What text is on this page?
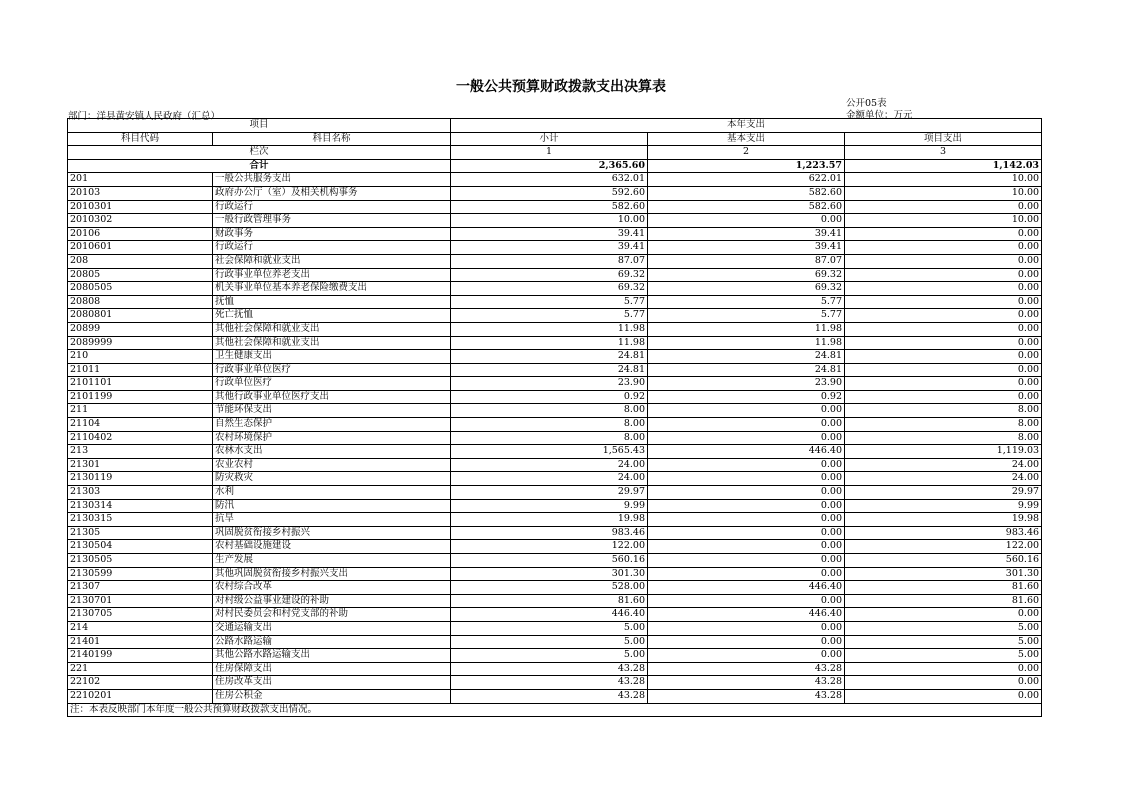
一般公共预算财政拨款支出决算表
公开05表
金额单位：万元
部门：洋县黄安镇人民政府（汇总）
项目		本年支出		
科目代码	科目名称	小计	基本支出	项目支出
栏次		1	2	3
合计		2,365.60	1,223.57	1,142.03
201	一般公共服务支出	632.01	622.01	10.00
20103	政府办公厅（室）及相关机构事务	592.60	582.60	10.00
2010301	行政运行	582.60	582.60	0.00
2010302	一般行政管理事务	10.00	0.00	10.00
20106	财政事务	39.41	39.41	0.00
2010601	行政运行	39.41	39.41	0.00
208	社会保障和就业支出	87.07	87.07	0.00
20805	行政事业单位养老支出	69.32	69.32	0.00
2080505	机关事业单位基本养老保险缴费支出	69.32	69.32	0.00
20808	抚恤	5.77	5.77	0.00
2080801	死亡抚恤	5.77	5.77	0.00
20899	其他社会保障和就业支出	11.98	11.98	0.00
2089999	其他社会保障和就业支出	11.98	11.98	0.00
210	卫生健康支出	24.81	24.81	0.00
21011	行政事业单位医疗	24.81	24.81	0.00
2101101	行政单位医疗	23.90	23.90	0.00
2101199	其他行政事业单位医疗支出	0.92	0.92	0.00
211	节能环保支出	8.00	0.00	8.00
21104	自然生态保护	8.00	0.00	8.00
2110402	农村环境保护	8.00	0.00	8.00
213	农林水支出	1,565.43	446.40	1,119.03
21301	农业农村	24.00	0.00	24.00
2130119	防灾救灾	24.00	0.00	24.00
21303	水利	29.97	0.00	29.97
2130314	防汛	9.99	0.00	9.99
2130315	抗旱	19.98	0.00	19.98
21305	巩固脱贫衔接乡村振兴	983.46	0.00	983.46
2130504	农村基础设施建设	122.00	0.00	122.00
2130505	生产发展	560.16	0.00	560.16
2130599	其他巩固脱贫衔接乡村振兴支出	301.30	0.00	301.30
21307	农村综合改革	528.00	446.40	81.60
2130701	对村级公益事业建设的补助	81.60	0.00	81.60
2130705	对村民委员会和村党支部的补助	446.40	446.40	0.00
214	交通运输支出	5.00	0.00	5.00
21401	公路水路运输	5.00	0.00	5.00
2140199	其他公路水路运输支出	5.00	0.00	5.00
221	住房保障支出	43.28	43.28	0.00
22102	住房改革支出	43.28	43.28	0.00
2210201	住房公积金	43.28	43.28	0.00
注：本表反映部门本年度一般公共预算财政拨款支出情况。				
